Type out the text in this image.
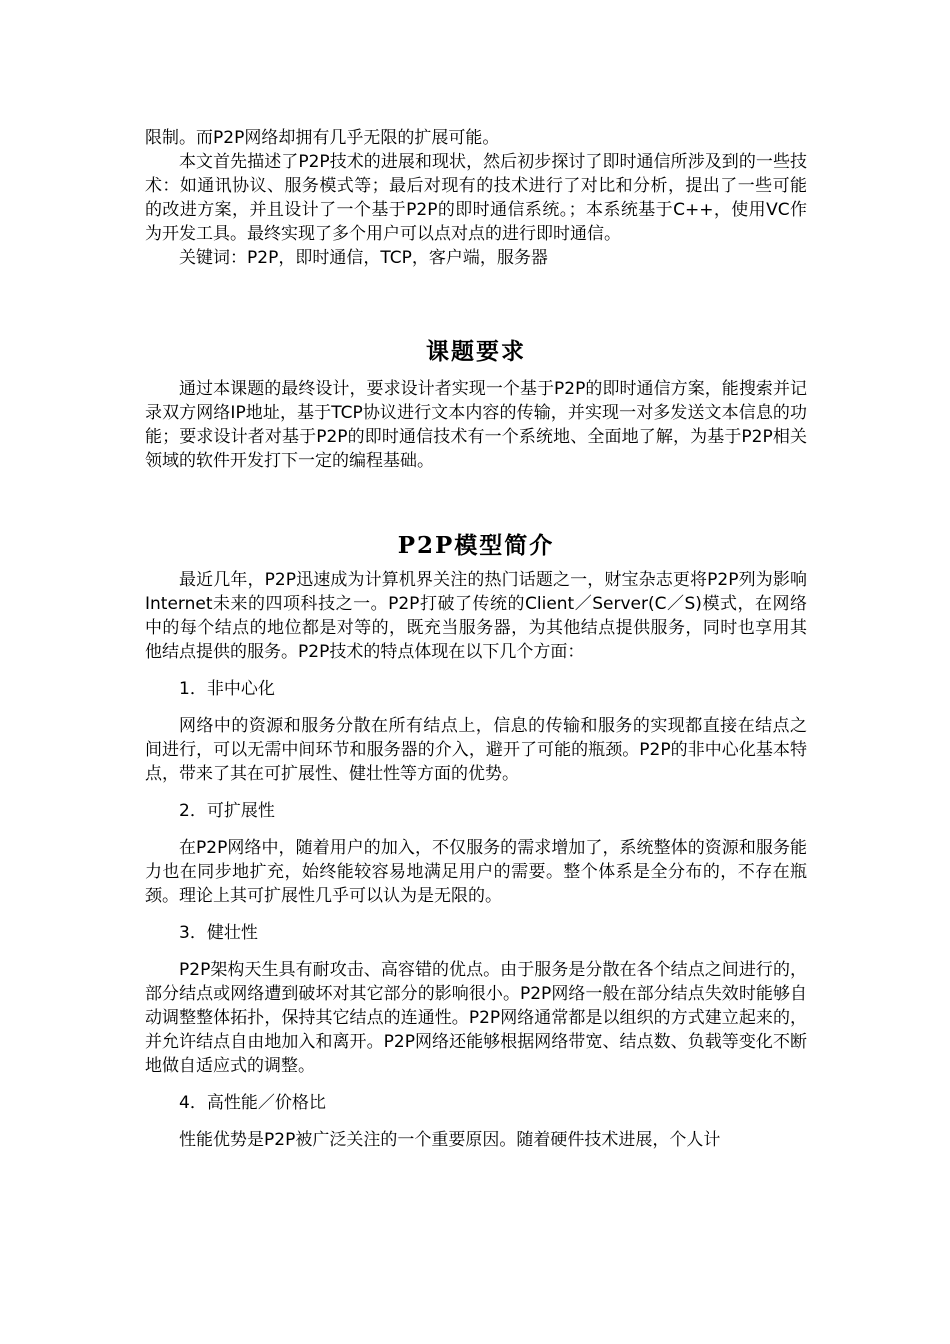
限制。而P2P网络却拥有几乎无限的扩展可能。

本文首先描述了P2P技术的进展和现状，然后初步探讨了即时通信所涉及到的一些技术：如通讯协议、服务模式等；最后对现有的技术进行了对比和分析，提出了一些可能的改进方案，并且设计了一个基于P2P的即时通信系统。；本系统基于C++，使用VC作为开发工具。最终实现了多个用户可以点对点的进行即时通信。

关键词：P2P，即时通信，TCP，客户端，服务器

课题要求

通过本课题的最终设计，要求设计者实现一个基于P2P的即时通信方案，能搜索并记录双方网络IP地址，基于TCP协议进行文本内容的传输，并实现一对多发送文本信息的功能；要求设计者对基于P2P的即时通信技术有一个系统地、全面地了解，为基于P2P相关领域的软件开发打下一定的编程基础。

P2P模型简介

最近几年，P2P迅速成为计算机界关注的热门话题之一，财宝杂志更将P2P列为影响Internet未来的四项科技之一。P2P打破了传统的Client／Server(C／S)模式，在网络中的每个结点的地位都是对等的，既充当服务器，为其他结点提供服务，同时也享用其他结点提供的服务。P2P技术的特点体现在以下几个方面：

1．非中心化

网络中的资源和服务分散在所有结点上，信息的传输和服务的实现都直接在结点之间进行，可以无需中间环节和服务器的介入，避开了可能的瓶颈。P2P的非中心化基本特点，带来了其在可扩展性、健壮性等方面的优势。

2．可扩展性

在P2P网络中，随着用户的加入，不仅服务的需求增加了，系统整体的资源和服务能力也在同步地扩充，始终能较容易地满足用户的需要。整个体系是全分布的，不存在瓶颈。理论上其可扩展性几乎可以认为是无限的。

3．健壮性

P2P架构天生具有耐攻击、高容错的优点。由于服务是分散在各个结点之间进行的，部分结点或网络遭到破坏对其它部分的影响很小。P2P网络一般在部分结点失效时能够自动调整整体拓扑，保持其它结点的连通性。P2P网络通常都是以组织的方式建立起来的，并允许结点自由地加入和离开。P2P网络还能够根据网络带宽、结点数、负载等变化不断地做自适应式的调整。

4．高性能／价格比

性能优势是P2P被广泛关注的一个重要原因。随着硬件技术进展，个人计
